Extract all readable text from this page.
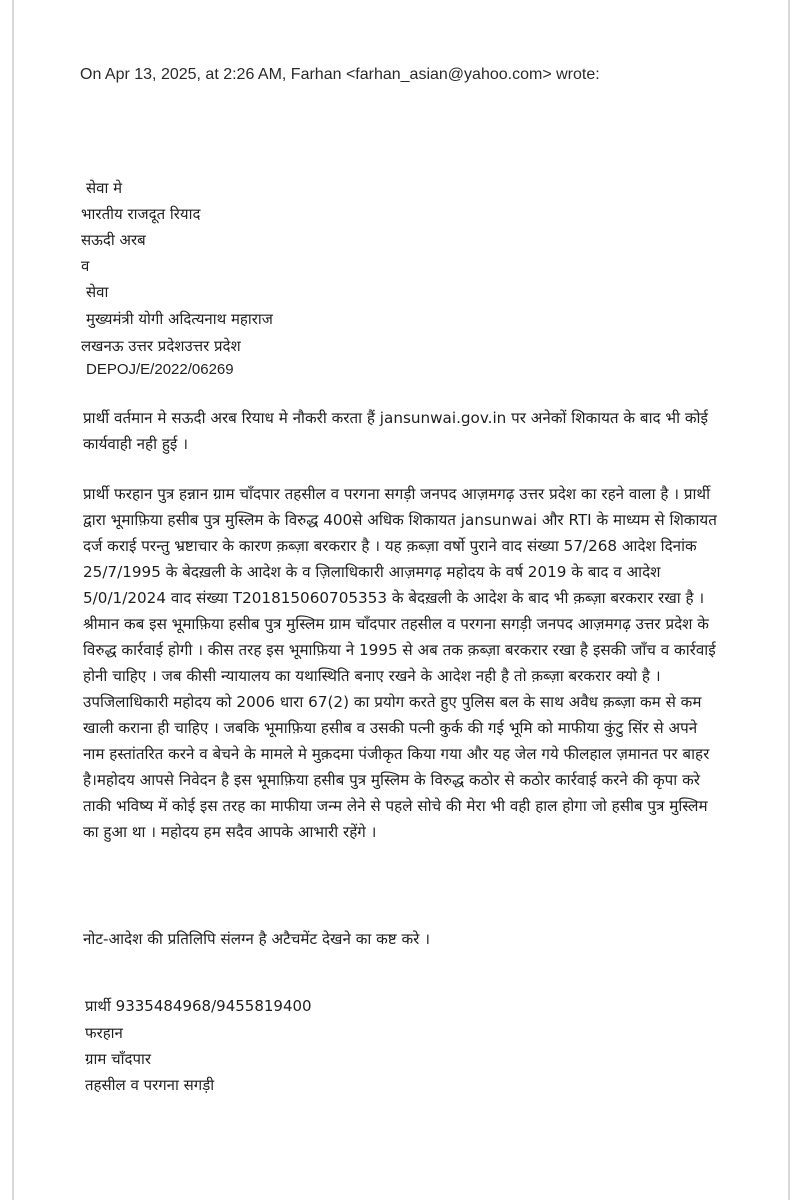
On Apr 13, 2025, at 2:26 AM, Farhan <farhan_asian@yahoo.com> wrote:
सेवा मे
भारतीय राजदूत रियाद
सऊदी अरब
व
सेवा
मुख्यमंत्री योगी अदित्यनाथ महाराज
लखनऊ उत्तर प्रदेशउत्तर प्रदेश
DEPOJ/E/2022/06269

प्रार्थी वर्तमान मे सऊदी अरब रियाध मे नौकरी करता हैं jansunwai.gov.in पर अनेकों शिकायत के बाद भी कोई कार्यवाही नही हुई ।

प्रार्थी फरहान पुत्र हन्नान ग्राम चाँदपार तहसील व परगना सगड़ी जनपद आज़मगढ़ उत्तर प्रदेश का रहने वाला है । प्रार्थी द्वारा भूमाफ़िया हसीब पुत्र मुस्लिम के विरुद्ध 400से अधिक शिकायत jansunwai और RTI के माध्यम से शिकायत दर्ज कराई परन्तु भ्रष्टाचार के कारण क़ब्ज़ा बरकरार है । यह क़ब्ज़ा वर्षो पुराने वाद संख्या 57/268 आदेश दिनांक 25/7/1995 के बेदख़ली के आदेश के व ज़िलाधिकारी आज़मगढ़ महोदय के वर्ष 2019 के बाद व आदेश 5/0/1/2024 वाद संख्या T201815060705353 के बेदख़ली के आदेश के बाद भी क़ब्ज़ा बरकरार रखा है । श्रीमान कब इस भूमाफ़िया हसीब पुत्र मुस्लिम ग्राम चाँदपार तहसील व परगना सगड़ी जनपद आज़मगढ़ उत्तर प्रदेश के विरुद्ध कार्रवाई होगी । कीस तरह इस भूमाफ़िया ने 1995 से अब तक क़ब्ज़ा बरकरार रखा है इसकी जाँच व कार्रवाई होनी चाहिए । जब कीसी न्यायालय का यथास्थिति बनाए रखने के आदेश नही है तो क़ब्ज़ा बरकरार क्यो है । उपजिलाधिकारी महोदय को 2006 धारा 67(2) का प्रयोग करते हुए पुलिस बल के साथ अवैध क़ब्ज़ा कम से कम खाली कराना ही चाहिए । जबकि भूमाफ़िया हसीब व उसकी पत्नी कुर्क की गई भूमि को माफीया कुंटु सिंर से अपने नाम हस्तांतरित करने व बेचने के मामले मे मुक़दमा पंजीकृत किया गया और यह जेल गये फीलहाल ज़मानत पर बाहर है।महोदय आपसे निवेदन है इस भूमाफ़िया हसीब पुत्र मुस्लिम के विरुद्ध कठोर से कठोर कार्रवाई करने की कृपा करे ताकी भविष्य में कोई इस तरह का माफीया जन्म लेने से पहले सोचे की मेरा भी वही हाल होगा जो हसीब पुत्र मुस्लिम का हुआ था । महोदय हम सदैव आपके आभारी रहेंगे ।

नोट-आदेश की प्रतिलिपि संलग्न है अटैचमेंट देखने का कष्ट करे ।

प्रार्थी 9335484968/9455819400
फरहान
ग्राम चाँदपार
तहसील व परगना सगड़ी
